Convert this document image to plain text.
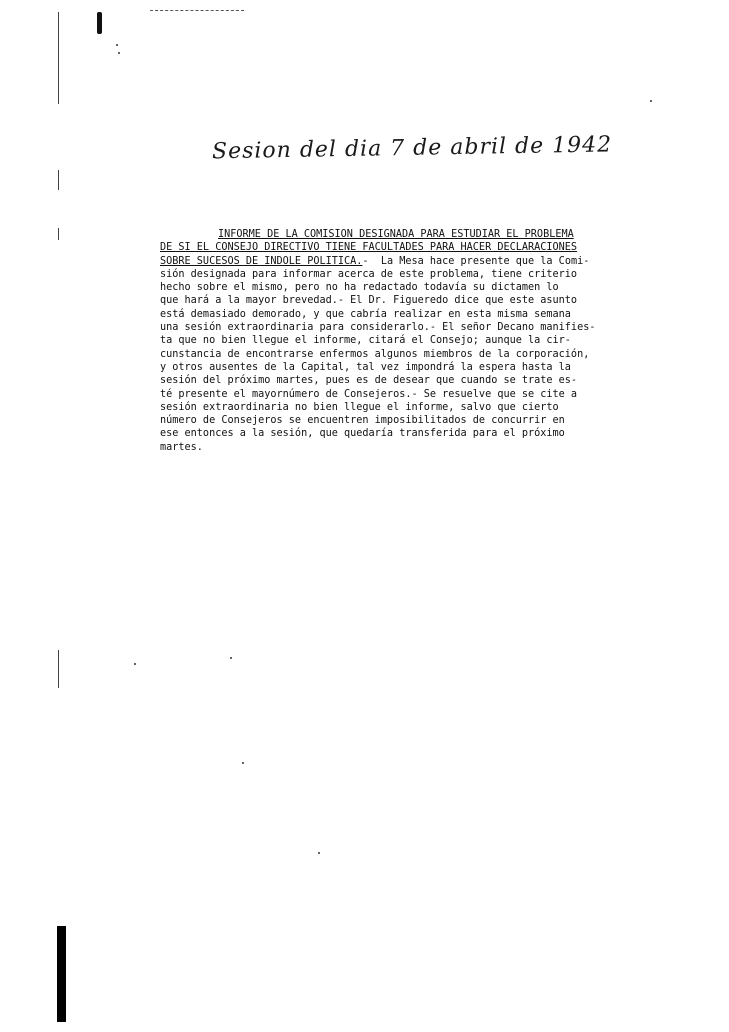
Sesion del dia 7 de abril de 1942
INFORME DE LA COMISION DESIGNADA PARA ESTUDIAR EL PROBLEMA
DE SI EL CONSEJO DIRECTIVO TIENE FACULTADES PARA HACER DECLARACIONES
SOBRE SUCESOS DE INDOLE POLITICA.-  La Mesa hace presente que la Comi-
sión designada para informar acerca de este problema, tiene criterio
hecho sobre el mismo, pero no ha redactado todavía su dictamen lo
que hará a la mayor brevedad.- El Dr. Figueredo dice que este asunto
está demasiado demorado, y que cabría realizar en esta misma semana
una sesión extraordinaria para considerarlo.- El señor Decano manifies-
ta que no bien llegue el informe, citará el Consejo; aunque la cir-
cunstancia de encontrarse enfermos algunos miembros de la corporación,
y otros ausentes de la Capital, tal vez impondrá la espera hasta la
sesión del próximo martes, pues es de desear que cuando se trate es-
té presente el mayornúmero de Consejeros.- Se resuelve que se cite a
sesión extraordinaria no bien llegue el informe, salvo que cierto
número de Consejeros se encuentren imposibilitados de concurrir en
ese entonces a la sesión, que quedaría transferida para el próximo
martes.
